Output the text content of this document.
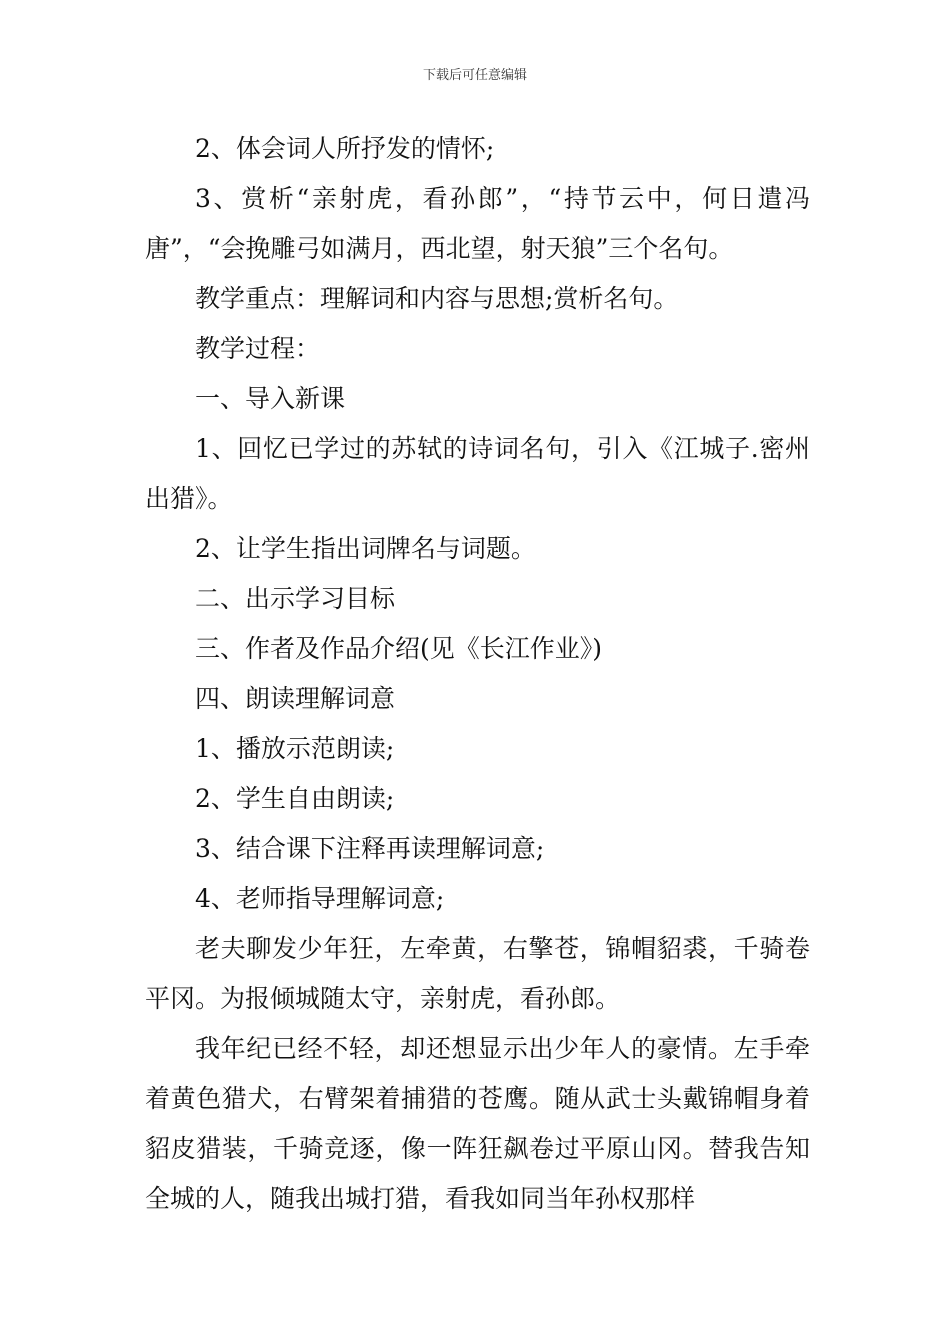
下载后可任意编辑

2、体会词人所抒发的情怀;

3、赏析“亲射虎，看孙郎”，“持节云中，何日遣冯唐”，“会挽雕弓如满月，西北望，射天狼”三个名句。

教学重点：理解词和内容与思想;赏析名句。

教学过程：

一、导入新课

1、回忆已学过的苏轼的诗词名句，引入《江城子.密州出猎》。

2、让学生指出词牌名与词题。

二、出示学习目标

三、作者及作品介绍(见《长江作业》)

四、朗读理解词意

1、播放示范朗读;

2、学生自由朗读;

3、结合课下注释再读理解词意;

4、老师指导理解词意;

老夫聊发少年狂，左牵黄，右擎苍，锦帽貂裘，千骑卷平冈。为报倾城随太守，亲射虎，看孙郎。

我年纪已经不轻，却还想显示出少年人的豪情。左手牵着黄色猎犬，右臂架着捕猎的苍鹰。随从武士头戴锦帽身着貂皮猎装，千骑竞逐，像一阵狂飙卷过平原山冈。替我告知全城的人，随我出城打猎，看我如同当年孙权那样
